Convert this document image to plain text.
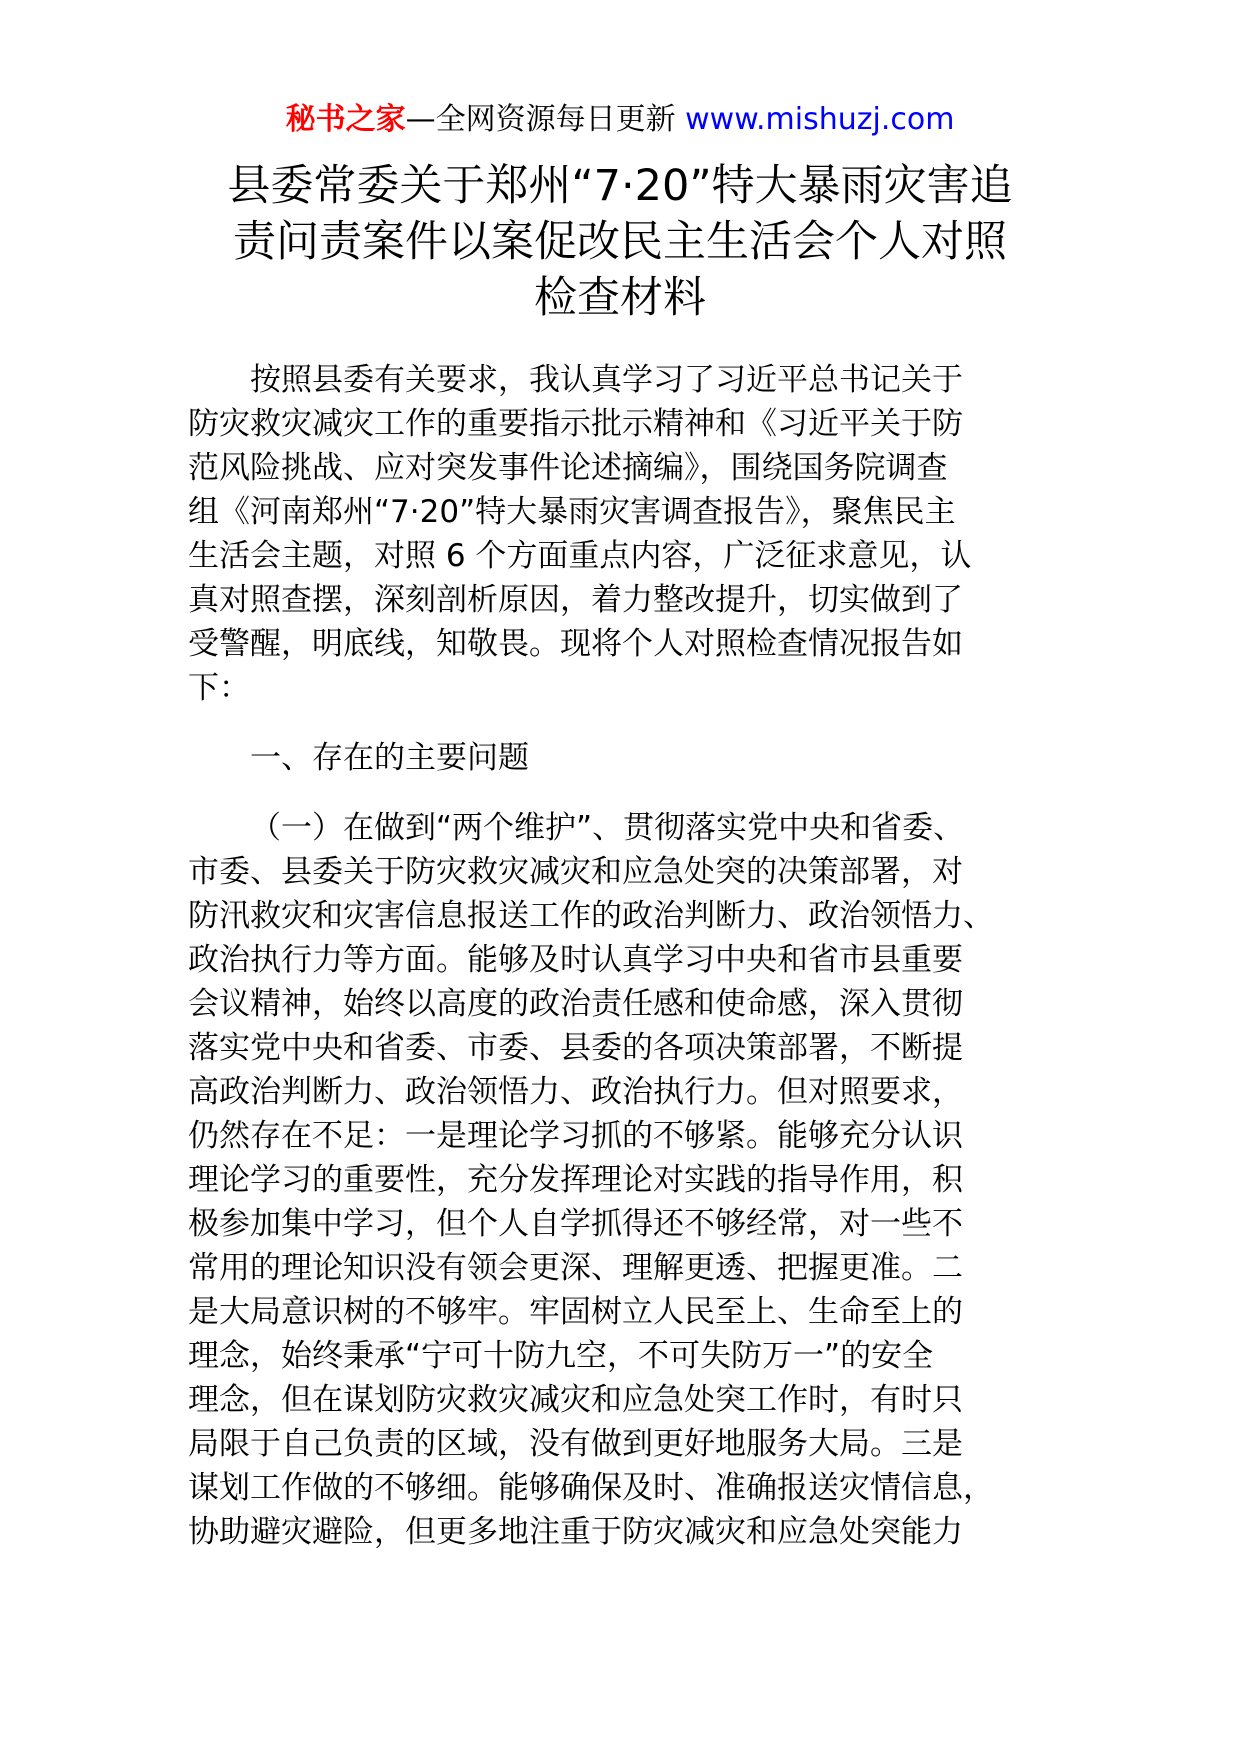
秘书之家—全网资源每日更新 www.mishuzj.com
县委常委关于郑州“7·20”特大暴雨灾害追
责问责案件以案促改民主生活会个人对照
检查材料
按照县委有关要求，我认真学习了习近平总书记关于
防灾救灾减灾工作的重要指示批示精神和《习近平关于防
范风险挑战、应对突发事件论述摘编》，围绕国务院调查
组《河南郑州“7·20”特大暴雨灾害调查报告》，聚焦民主
生活会主题，对照 6 个方面重点内容，广泛征求意见，认
真对照查摆，深刻剖析原因，着力整改提升，切实做到了
受警醒，明底线，知敬畏。现将个人对照检查情况报告如
下：
一、存在的主要问题
（一）在做到“两个维护”、贯彻落实党中央和省委、
市委、县委关于防灾救灾减灾和应急处突的决策部署，对
防汛救灾和灾害信息报送工作的政治判断力、政治领悟力、
政治执行力等方面。能够及时认真学习中央和省市县重要
会议精神，始终以高度的政治责任感和使命感，深入贯彻
落实党中央和省委、市委、县委的各项决策部署，不断提
高政治判断力、政治领悟力、政治执行力。但对照要求，
仍然存在不足：一是理论学习抓的不够紧。能够充分认识
理论学习的重要性，充分发挥理论对实践的指导作用，积
极参加集中学习，但个人自学抓得还不够经常，对一些不
常用的理论知识没有领会更深、理解更透、把握更准。二
是大局意识树的不够牢。牢固树立人民至上、生命至上的
理念，始终秉承“宁可十防九空，不可失防万一”的安全
理念，但在谋划防灾救灾减灾和应急处突工作时，有时只
局限于自己负责的区域，没有做到更好地服务大局。三是
谋划工作做的不够细。能够确保及时、准确报送灾情信息，
协助避灾避险，但更多地注重于防灾减灾和应急处突能力
